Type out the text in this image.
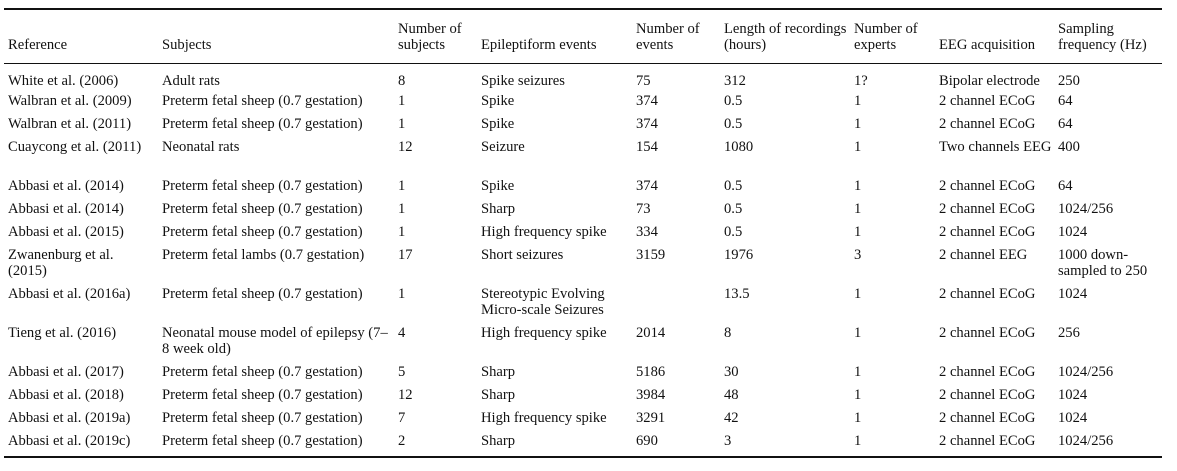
Reference	Subjects	Number of subjects	Epileptiform events	Number of events	Length of recordings (hours)	Number of experts	EEG acquisition	Sampling frequency (Hz)
White et al. (2006)	Adult rats	8	Spike seizures	75	312	1?	Bipolar electrode	250
Walbran et al. (2009)	Preterm fetal sheep (0.7 gestation)	1	Spike	374	0.5	1	2 channel ECoG	64
Walbran et al. (2011)	Preterm fetal sheep (0.7 gestation)	1	Spike	374	0.5	1	2 channel ECoG	64
Cuaycong et al. (2011)	Neonatal rats	12	Seizure	154	1080	1	Two channels EEG	400
Abbasi et al. (2014)	Preterm fetal sheep (0.7 gestation)	1	Spike	374	0.5	1	2 channel ECoG	64
Abbasi et al. (2014)	Preterm fetal sheep (0.7 gestation)	1	Sharp	73	0.5	1	2 channel ECoG	1024/256
Abbasi et al. (2015)	Preterm fetal sheep (0.7 gestation)	1	High frequency spike	334	0.5	1	2 channel ECoG	1024
Zwanenburg et al. (2015)	Preterm fetal lambs (0.7 gestation)	17	Short seizures	3159	1976	3	2 channel EEG	1000 down-sampled to 250
Abbasi et al. (2016a)	Preterm fetal sheep (0.7 gestation)	1	Stereotypic Evolving Micro-scale Seizures		13.5	1	2 channel ECoG	1024
Tieng et al. (2016)	Neonatal mouse model of epilepsy (7–8 week old)	4	High frequency spike	2014	8	1	2 channel ECoG	256
Abbasi et al. (2017)	Preterm fetal sheep (0.7 gestation)	5	Sharp	5186	30	1	2 channel ECoG	1024/256
Abbasi et al. (2018)	Preterm fetal sheep (0.7 gestation)	12	Sharp	3984	48	1	2 channel ECoG	1024
Abbasi et al. (2019a)	Preterm fetal sheep (0.7 gestation)	7	High frequency spike	3291	42	1	2 channel ECoG	1024
Abbasi et al. (2019c)	Preterm fetal sheep (0.7 gestation)	2	Sharp	690	3	1	2 channel ECoG	1024/256
